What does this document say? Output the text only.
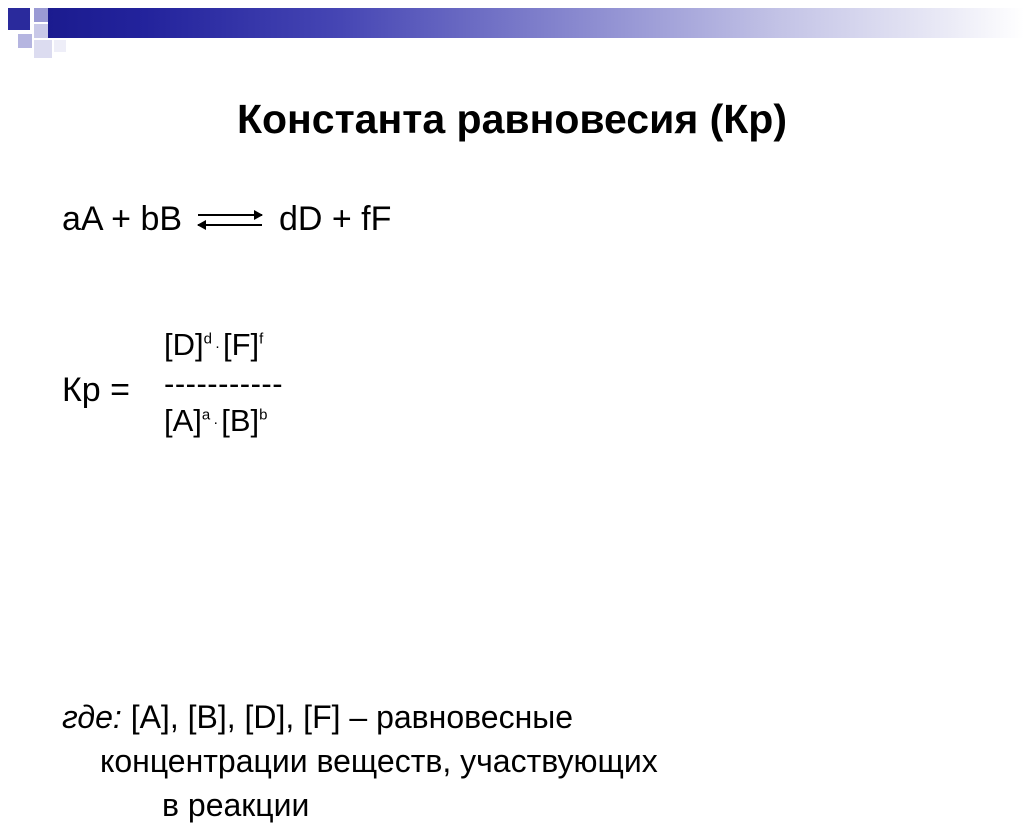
Константа равновесия (Кр)
aA + bB ⇌ dD + fF
Кр =
$[D]^d \cdot[F]^f$
-----------
$[A]^a \cdot[B]^b$
где: [A], [B], [D], [F] – равновесные
концентрации веществ, участвующих
в реакции
